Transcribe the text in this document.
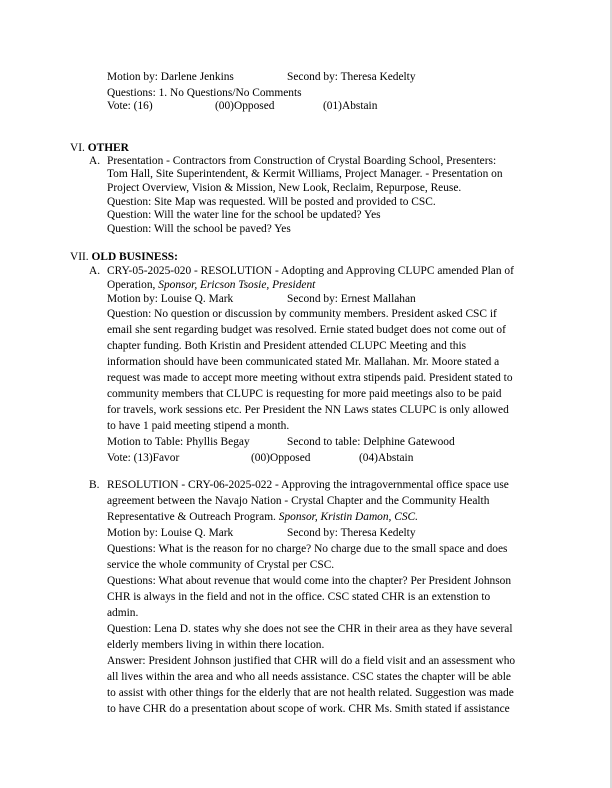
Motion by: Darlene Jenkins	Second by: Theresa Kedelty
Questions: 1. No Questions/No Comments
Vote: (16)	(00)Opposed	(01)Abstain
VI. OTHER
A. Presentation - Contractors from Construction of Crystal Boarding School, Presenters:
Tom Hall, Site Superintendent, & Kermit Williams, Project Manager. - Presentation on
Project Overview, Vision & Mission, New Look, Reclaim, Repurpose, Reuse.
Question: Site Map was requested. Will be posted and provided to CSC.
Question: Will the water line for the school be updated? Yes
Question: Will the school be paved? Yes
VII. OLD BUSINESS:
A. CRY-05-2025-020 - RESOLUTION - Adopting and Approving CLUPC amended Plan of
Operation, Sponsor, Ericson Tsosie, President
Motion by: Louise Q. Mark	Second by: Ernest Mallahan
Question: No question or discussion by community members. President asked CSC if
email she sent regarding budget was resolved. Ernie stated budget does not come out of
chapter funding. Both Kristin and President attended CLUPC Meeting and this
information should have been communicated stated Mr. Mallahan. Mr. Moore stated a
request was made to accept more meeting without extra stipends paid. President stated to
community members that CLUPC is requesting for more paid meetings also to be paid
for travels, work sessions etc. Per President the NN Laws states CLUPC is only allowed
to have 1 paid meeting stipend a month.
Motion to Table: Phyllis Begay	Second to table: Delphine Gatewood
Vote: (13)Favor	(00)Opposed	(04)Abstain
B. RESOLUTION - CRY-06-2025-022 - Approving the intragovernmental office space use
agreement between the Navajo Nation - Crystal Chapter and the Community Health
Representative & Outreach Program. Sponsor, Kristin Damon, CSC.
Motion by: Louise Q. Mark	Second by: Theresa Kedelty
Questions: What is the reason for no charge? No charge due to the small space and does
service the whole community of Crystal per CSC.
Questions: What about revenue that would come into the chapter? Per President Johnson
CHR is always in the field and not in the office. CSC stated CHR is an extenstion to
admin.
Question: Lena D. states why she does not see the CHR in their area as they have several
elderly members living in within there location.
Answer: President Johnson justified that CHR will do a field visit and an assessment who
all lives within the area and who all needs assistance. CSC states the chapter will be able
to assist with other things for the elderly that are not health related. Suggestion was made
to have CHR do a presentation about scope of work. CHR Ms. Smith stated if assistance
